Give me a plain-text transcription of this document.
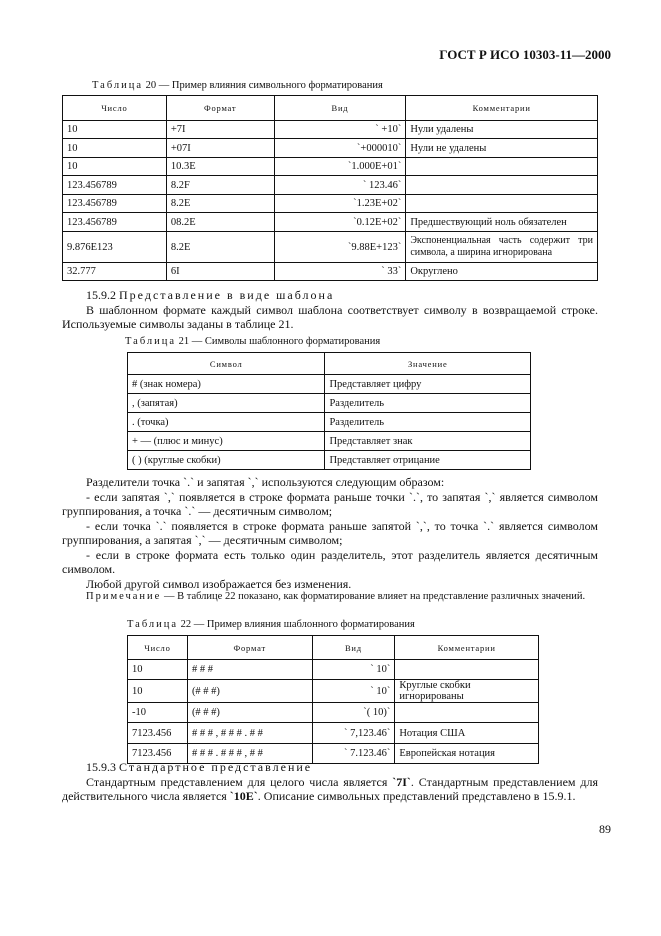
ГОСТ Р ИСО 10303-11—2000
Таблица 20 — Пример влияния символьного форматирования
Число	Формат	Вид	Комментарии
10	+7I	` +10`	Нули удалены
10	+07I	`+000010`	Нули не удалены
10	10.3E	`1.000E+01`	
123.456789	8.2F	` 123.46`	
123.456789	8.2E	`1.23E+02`	
123.456789	08.2E	`0.12E+02`	Предшествующий ноль обязателен
9.876E123	8.2E	`9.88E+123`	Экспоненциальная часть содержит три символа, а ширина игнорирована
32.777	6I	` 33`	Округлено

15.9.2 Представление в виде шаблона

В шаблонном формате каждый символ шаблона соответствует символу в возвращаемой строке. Используемые символы заданы в таблице 21.

Таблица 21 — Символы шаблонного форматирования
Символ	Значение
# (знак номера)	Представляет цифру
, (запятая)	Разделитель
. (точка)	Разделитель
+ — (плюс и минус)	Представляет знак
( ) (круглые скобки)	Представляет отрицание

Разделители точка `.` и запятая `,` используются следующим образом:

- если запятая `,` появляется в строке формата раньше точки `.`, то запятая `,` является символом группирования, а точка `.` — десятичным символом;

- если точка `.` появляется в строке формата раньше запятой `,`, то точка `.` является символом группирования, а запятая `,` — десятичным символом;

- если в строке формата есть только один разделитель, этот разделитель является десятичным символом.

Любой другой символ изображается без изменения.

Примечание — В таблице 22 показано, как форматирование влияет на представление различных значений.

Таблица 22 — Пример влияния шаблонного форматирования
Число	Формат	Вид	Комментарии
10	# # #	` 10`	
10	(# # #)	` 10`	Круглые скобки игнорированы
-10	(# # #)	`( 10)`	
7123.456	# # # , # # # . # #	` 7,123.46`	Нотация США
7123.456	# # # . # # # , # #	` 7.123.46`	Европейская нотация

15.9.3 Стандартное представление

Стандартным представлением для целого числа является `7I`. Стандартным представлением для действительного числа является `10E`. Описание символьных представлений представлено в 15.9.1.

89
